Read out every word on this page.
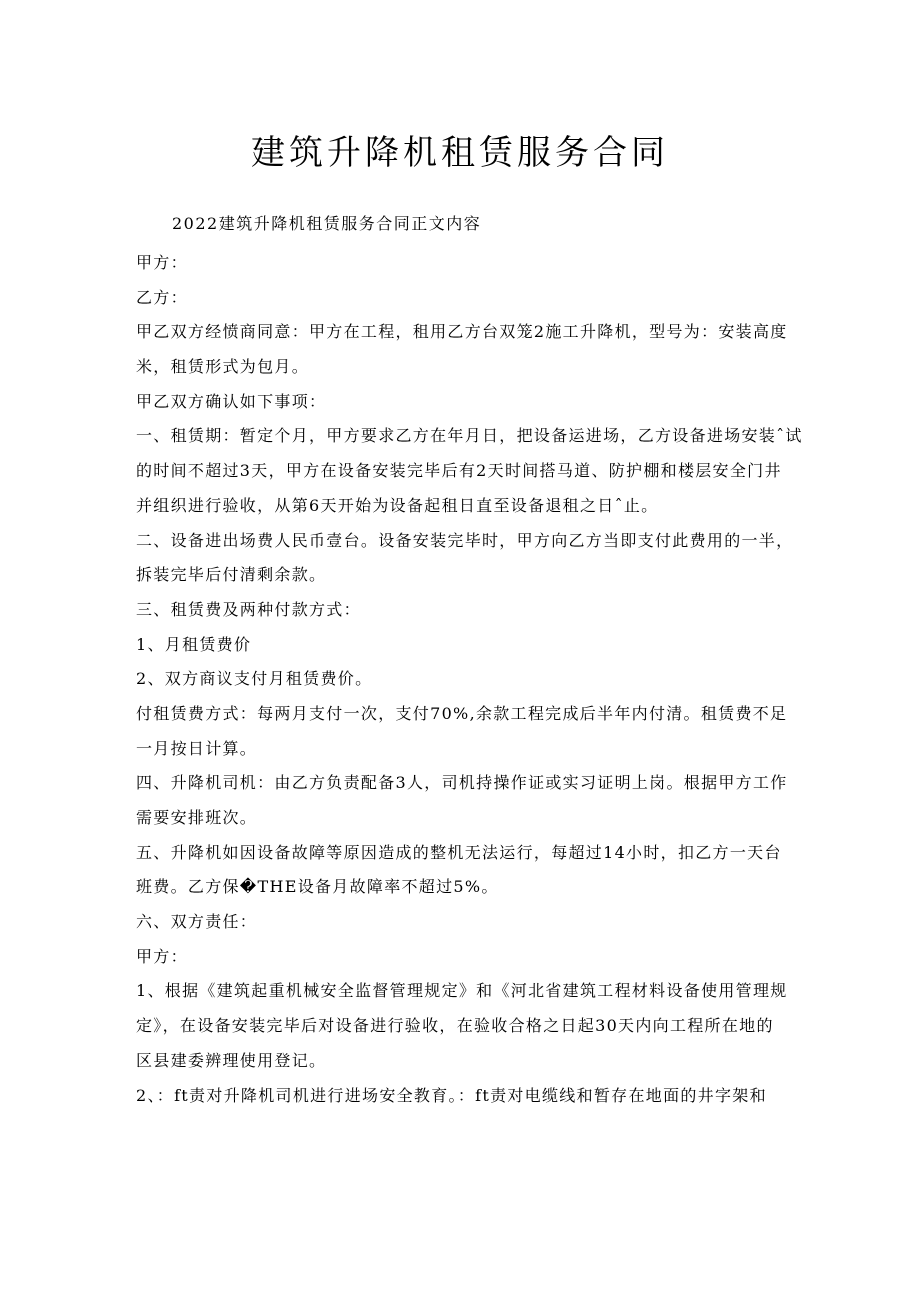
建筑升降机租赁服务合同
2022建筑升降机租赁服务合同正文内容
甲方：
乙方：
甲乙双方经愤商同意：甲方在工程，租用乙方台双笼2施工升降机，型号为：安装高度
米，租赁形式为包月。
甲乙双方确认如下事项：
一、租赁期：暂定个月，甲方要求乙方在年月日，把设备运进场，乙方设备进场安装ˆ试
的时间不超过3天，甲方在设备安装完毕后有2天时间搭马道、防护棚和楼层安全门井
并组织进行验收，从第6天开始为设备起租日直至设备退租之日ˆ止。
二、设备进出场费人民币壹台。设备安装完毕时，甲方向乙方当即支付此费用的一半，
拆装完毕后付清剩余款。
三、租赁费及两种付款方式：
1、月租赁费价
2、双方商议支付月租赁费价。
付租赁费方式：每两月支付一次，支付70%,余款工程完成后半年内付清。租赁费不足
一月按日计算。
四、升降机司机：由乙方负责配备3人，司机持操作证或实习证明上岗。根据甲方工作
需要安排班次。
五、升降机如因设备故障等原因造成的整机无法运行，每超过14小时，扣乙方一天台
班费。乙方保�THE设备月故障率不超过5%。
六、双方责任：
甲方：
1、根据《建筑起重机械安全监督管理规定》和《河北省建筑工程材料设备使用管理规
定》，在设备安装完毕后对设备进行验收，在验收合格之日起30天内向工程所在地的
区县建委辨理使用登记。
2、：ft责对升降机司机进行进场安全教育。：ft责对电缆线和暂存在地面的井字架和
